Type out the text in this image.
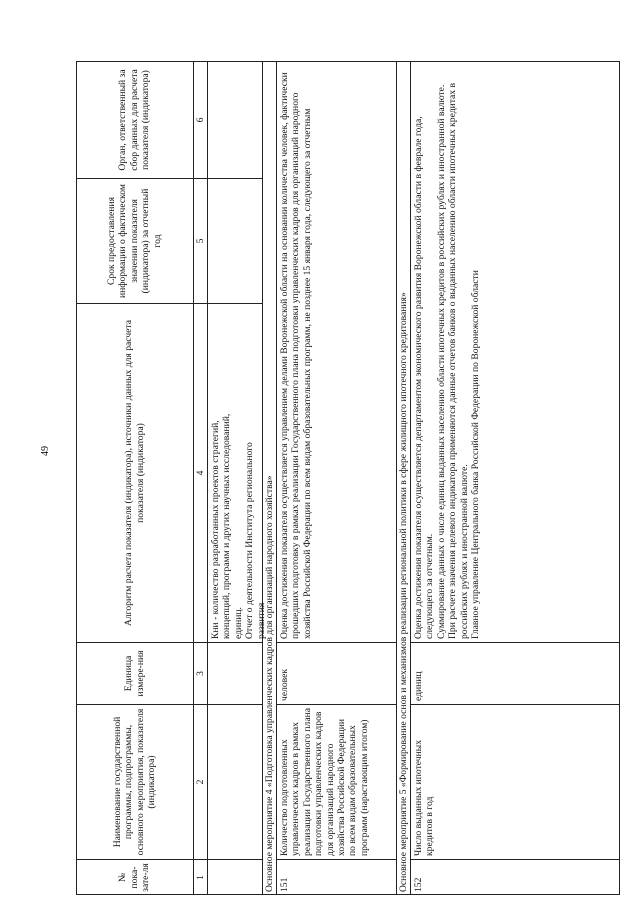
49
№ пока-зате-ля
Наименование государственной программы, подпрограммы, основного мероприятия, показателя (индикатора)
Единица измере-ния
Алгоритм расчета показателя (индикатора), источники данных для расчета показателя (индикатора)
Срок предоставления информации о фактическом значении показателя (индикатора) за отчетный год
Орган, ответственный за сбор данных для расчета показателя (индикатора)
1
2
3
4
5
6
Кни - количество разработанных проектов стратегий, концепций, программ и других научных исследований, единиц. Отчет о деятельности Института регионального развития
Основное мероприятие 4 «Подготовка управленческих кадров для организаций народного хозяйства» 151
Количество подготовленных управленческих кадров в рамках реализации Государственного плана подготовки управленческих кадров для организаций народного хозяйства Российской Федерации по всем видам образовательных программ (нарастающим итогом)
человек
Оценка достижения показателя осуществляется управлением делами Воронежской области на основании количества человек, фактически прошедших подготовку в рамках реализации Государственного плана подготовки управленческих кадров для организаций народного хозяйства Российской Федерации по всем видам образовательных программ, не позднее 15 января года, следующего за отчетным	Основное мероприятие 5 «Формирование основ и механизмов реализации региональной политики в сфере жилищного ипотечного кредитования» 152
Число выданных ипотечных кредитов в год
единиц
Оценка достижения показателя осуществляется департаментом экономического развития Воронежской области в феврале года, следующего за отчетным. Суммирование данных о числе единиц выданных населению области ипотечных кредитов в российских рублях и иностранной валюте. При расчете значения целевого индикатора применяются данные отчетов банков о выданных населению области ипотечных кредитах в российских рублях и иностранной валюте. Главное управление Центрального банка Российской Федерации по Воронежской области
